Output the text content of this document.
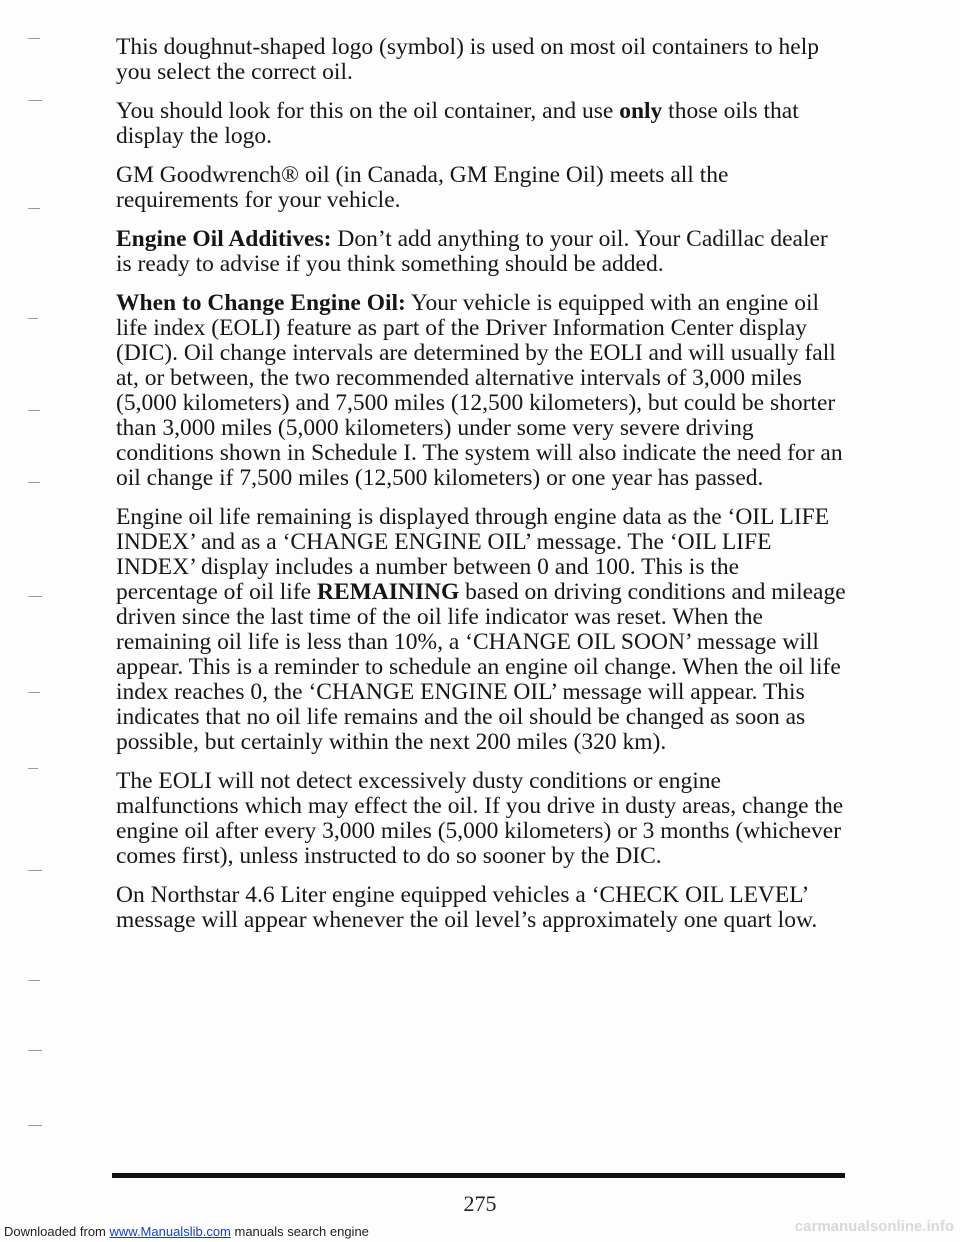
This doughnut-shaped logo (symbol) is used on most oil containers to help you select the correct oil.

You should look for this on the oil container, and use only those oils that display the logo.

GM Goodwrench® oil (in Canada, GM Engine Oil) meets all the requirements for your vehicle.

Engine Oil Additives: Don’t add anything to your oil. Your Cadillac dealer is ready to advise if you think something should be added.

When to Change Engine Oil: Your vehicle is equipped with an engine oil life index (EOLI) feature as part of the Driver Information Center display (DIC). Oil change intervals are determined by the EOLI and will usually fall at, or between, the two recommended alternative intervals of 3,000 miles (5,000 kilometers) and 7,500 miles (12,500 kilometers), but could be shorter than 3,000 miles (5,000 kilometers) under some very severe driving conditions shown in Schedule I. The system will also indicate the need for an oil change if 7,500 miles (12,500 kilometers) or one year has passed.

Engine oil life remaining is displayed through engine data as the ‘OIL LIFE INDEX’ and as a ‘CHANGE ENGINE OIL’ message. The ‘OIL LIFE INDEX’ display includes a number between 0 and 100. This is the percentage of oil life REMAINING based on driving conditions and mileage driven since the last time of the oil life indicator was reset. When the remaining oil life is less than 10%, a ‘CHANGE OIL SOON’ message will appear. This is a reminder to schedule an engine oil change. When the oil life index reaches 0, the ‘CHANGE ENGINE OIL’ message will appear. This indicates that no oil life remains and the oil should be changed as soon as possible, but certainly within the next 200 miles (320 km).

The EOLI will not detect excessively dusty conditions or engine malfunctions which may effect the oil. If you drive in dusty areas, change the engine oil after every 3,000 miles (5,000 kilometers) or 3 months (whichever comes first), unless instructed to do so sooner by the DIC.

On Northstar 4.6 Liter engine equipped vehicles a ‘CHECK OIL LEVEL’ message will appear whenever the oil level’s approximately one quart low.

275
Downloaded from www.Manualslib.com manuals search engine	carmanualsonline.info
